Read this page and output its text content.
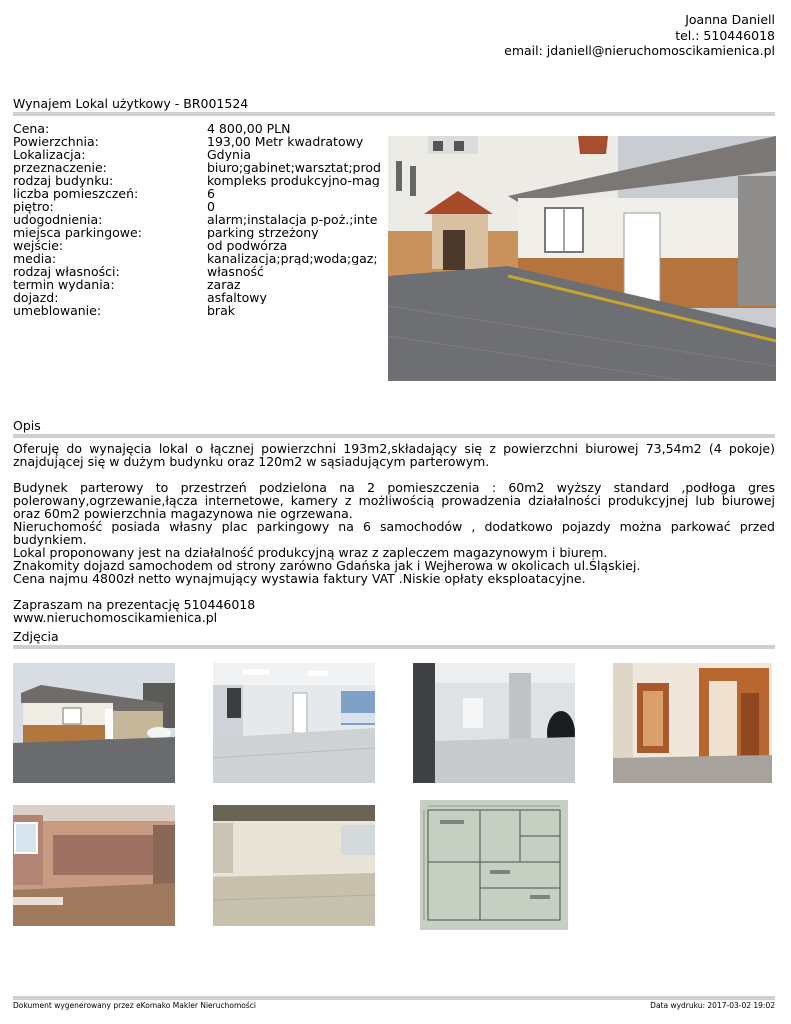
Joanna Daniell
tel.: 510446018
email: jdaniell@nieruchomoscikamienica.pl
Wynajem Lokal użytkowy - BR001524
Cena:	4 800,00 PLN
Powierzchnia:	193,00 Metr kwadratowy
Lokalizacja:	Gdynia
przeznaczenie:	biuro;gabinet;warsztat;prod
rodzaj budynku:	kompleks produkcyjno-mag
liczba pomieszczeń:	6
piętro:	0
udogodnienia:	alarm;instalacja p-poż.;inte
miejsca parkingowe:	parking strzeżony
wejście:	od podwórza
media:	kanalizacja;prąd;woda;gaz;
rodzaj własności:	własność
termin wydania:	zaraz
dojazd:	asfaltowy
umeblowanie:	brak
Opis

Oferuję do wynajęcia lokal o łącznej powierzchni 193m2,składający się z powierzchni biurowej 73,54m2 (4 pokoje) znajdującej się w dużym budynku oraz 120m2 w sąsiadującym parterowym.

Budynek parterowy to przestrzeń podzielona na 2 pomieszczenia : 60m2 wyższy standard ,podłoga gres polerowany,ogrzewanie,łącza internetowe, kamery z możliwością prowadzenia działalności produkcyjnej lub biurowej oraz 60m2 powierzchnia magazynowa nie ogrzewana.

Nieruchomość posiada własny plac parkingowy na 6 samochodów , dodatkowo pojazdy można parkować przed budynkiem.

Lokal proponowany jest na działalność produkcyjną wraz z zapleczem magazynowym i biurem.

Znakomity dojazd samochodem od strony zarówno Gdańska jak i Wejherowa w okolicach ul.Śląskiej.

Cena najmu 4800zł netto wynajmujący wystawia faktury VAT .Niskie opłaty eksploatacyjne.

Zapraszam na prezentację 510446018

www.nieruchomoscikamienica.pl

Zdjęcia
Dokument wygenerowany przez eKomako Makler Nieruchomości	Data wydruku: 2017-03-02 19:02
